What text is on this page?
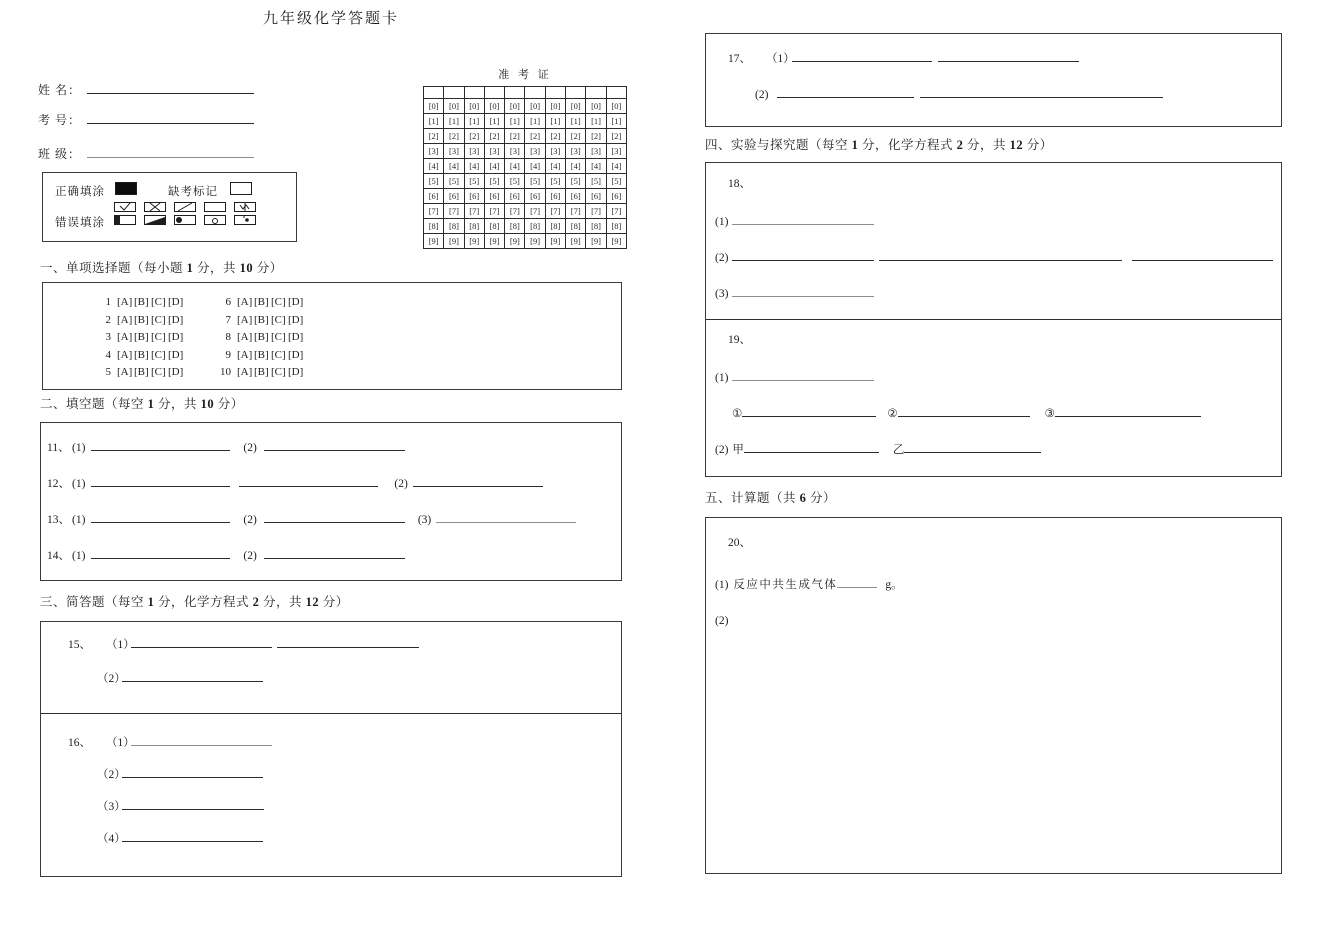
九年级化学答题卡
姓 名：
考 号：
班 级：
正确填涂	缺考标记
错误填涂
准 考 证

[0]	[0]	[0]	[0]	[0]	[0]	[0]	[0]	[0]	[0]
[1]	[1]	[1]	[1]	[1]	[1]	[1]	[1]	[1]	[1]
[2]	[2]	[2]	[2]	[2]	[2]	[2]	[2]	[2]	[2]
[3]	[3]	[3]	[3]	[3]	[3]	[3]	[3]	[3]	[3]
[4]	[4]	[4]	[4]	[4]	[4]	[4]	[4]	[4]	[4]
[5]	[5]	[5]	[5]	[5]	[5]	[5]	[5]	[5]	[5]
[6]	[6]	[6]	[6]	[6]	[6]	[6]	[6]	[6]	[6]
[7]	[7]	[7]	[7]	[7]	[7]	[7]	[7]	[7]	[7]
[8]	[8]	[8]	[8]	[8]	[8]	[8]	[8]	[8]	[8]
[9]	[9]	[9]	[9]	[9]	[9]	[9]	[9]	[9]	[9]
一、单项选择题（每小题 1 分，共 10 分）
1 [A] [B] [C] [D]	6 [A] [B] [C] [D]
2 [A] [B] [C] [D]	7 [A] [B] [C] [D]
3 [A] [B] [C] [D]	8 [A] [B] [C] [D]
4 [A] [B] [C] [D]	9 [A] [B] [C] [D]
5 [A] [B] [C] [D]	10 [A] [B] [C] [D]
二、填空题（每空 1 分，共 10 分）
11、 (1)	(2)
12、 (1)	(2)
13、 (1)	(2)	(3)
14、 (1)	(2)
三、简答题（每空 1 分，化学方程式 2 分，共 12 分）
15、 （1）
（2）
16、 （1）
（2）
（3）
（4）
17、 （1）
(2)
四、实验与探究题（每空 1 分，化学方程式 2 分，共 12 分）
18、
(1)
(2)
(3)
19、
(1)
①	②	③
(2) 甲	乙
五、计算题（共 6 分）
20、
(1) 反应中共生成气体	g。
(2)
